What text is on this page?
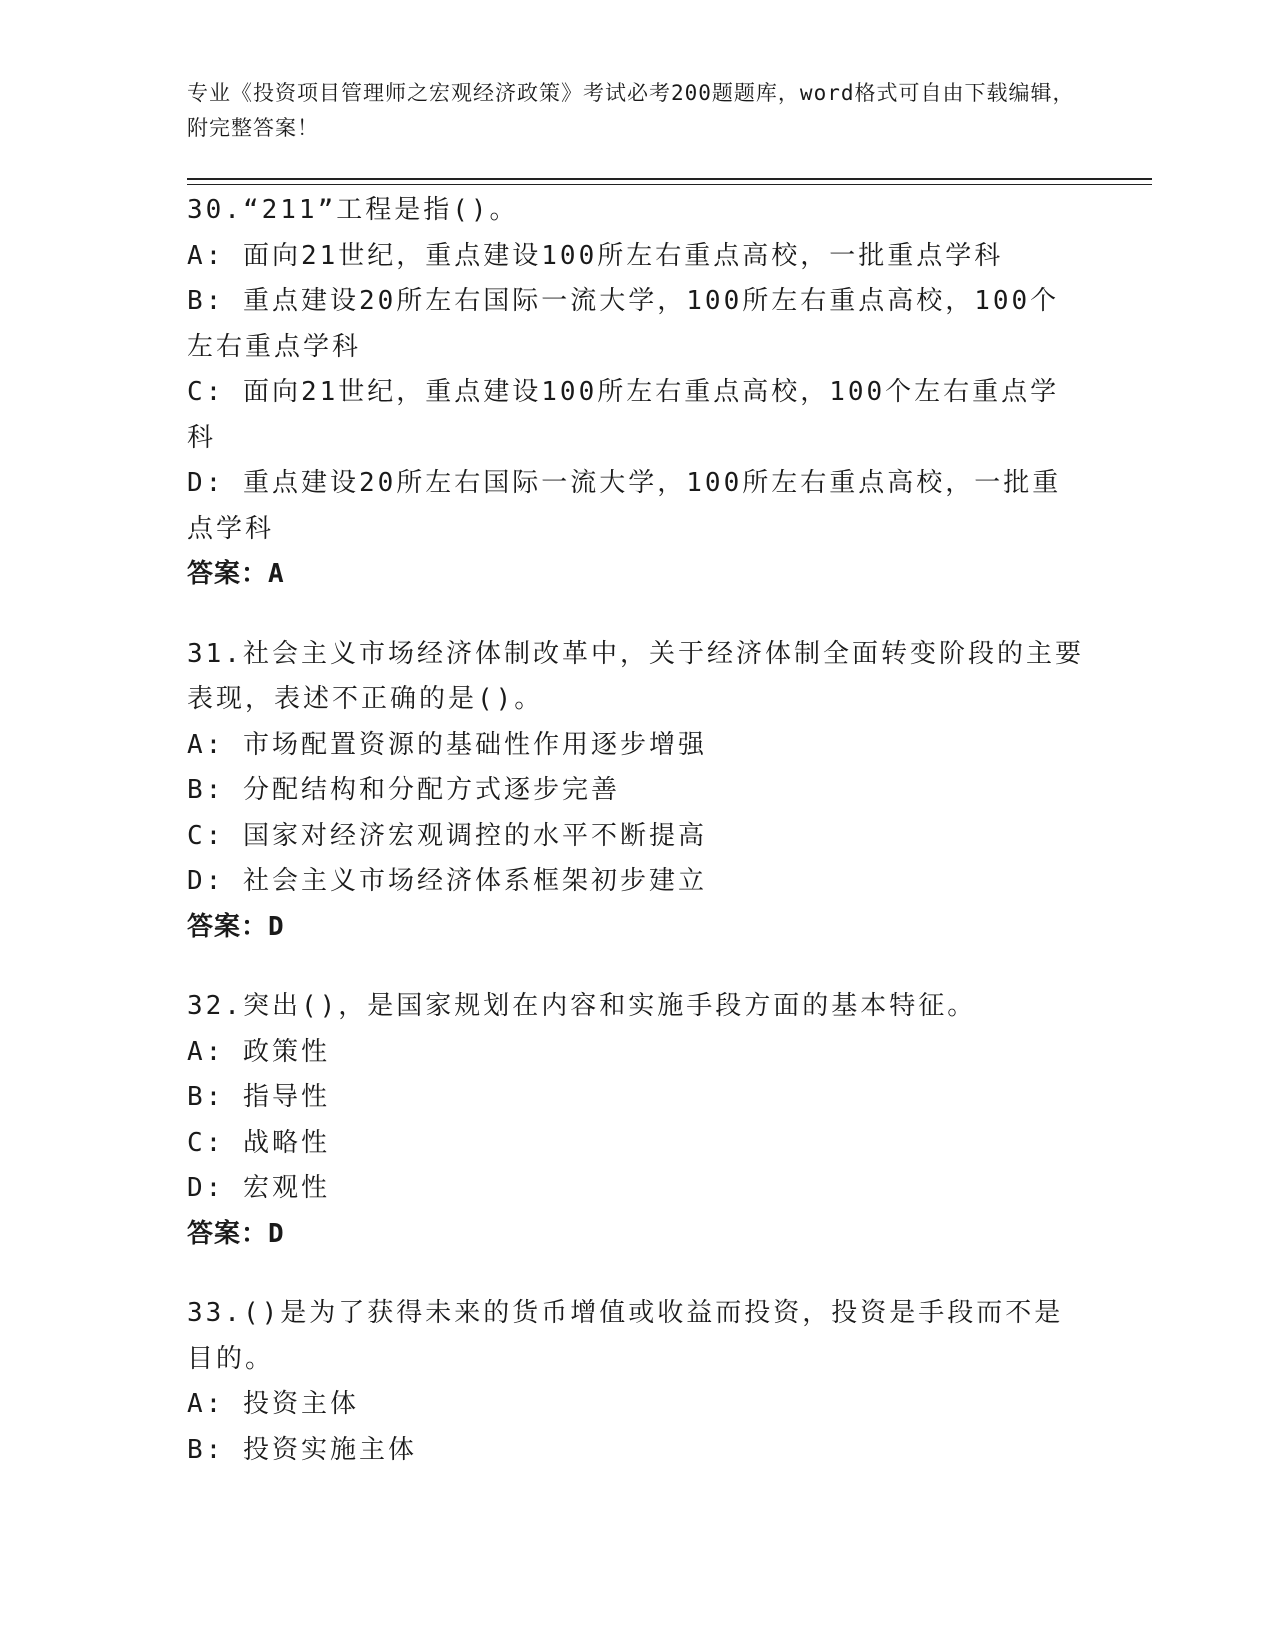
专业《投资项目管理师之宏观经济政策》考试必考200题题库，word格式可自由下载编辑，附完整答案！

30.“211”工程是指()。

A: 面向21世纪，重点建设100所左右重点高校，一批重点学科

B: 重点建设20所左右国际一流大学，100所左右重点高校，100个左右重点学科

C: 面向21世纪，重点建设100所左右重点高校，100个左右重点学科

D: 重点建设20所左右国际一流大学，100所左右重点高校，一批重点学科

答案：A

31.社会主义市场经济体制改革中，关于经济体制全面转变阶段的主要表现，表述不正确的是()。

A: 市场配置资源的基础性作用逐步增强

B: 分配结构和分配方式逐步完善

C: 国家对经济宏观调控的水平不断提高

D: 社会主义市场经济体系框架初步建立

答案：D

32.突出()，是国家规划在内容和实施手段方面的基本特征。

A: 政策性

B: 指导性

C: 战略性

D: 宏观性

答案：D

33.()是为了获得未来的货币增值或收益而投资，投资是手段而不是目的。

A: 投资主体

B: 投资实施主体
